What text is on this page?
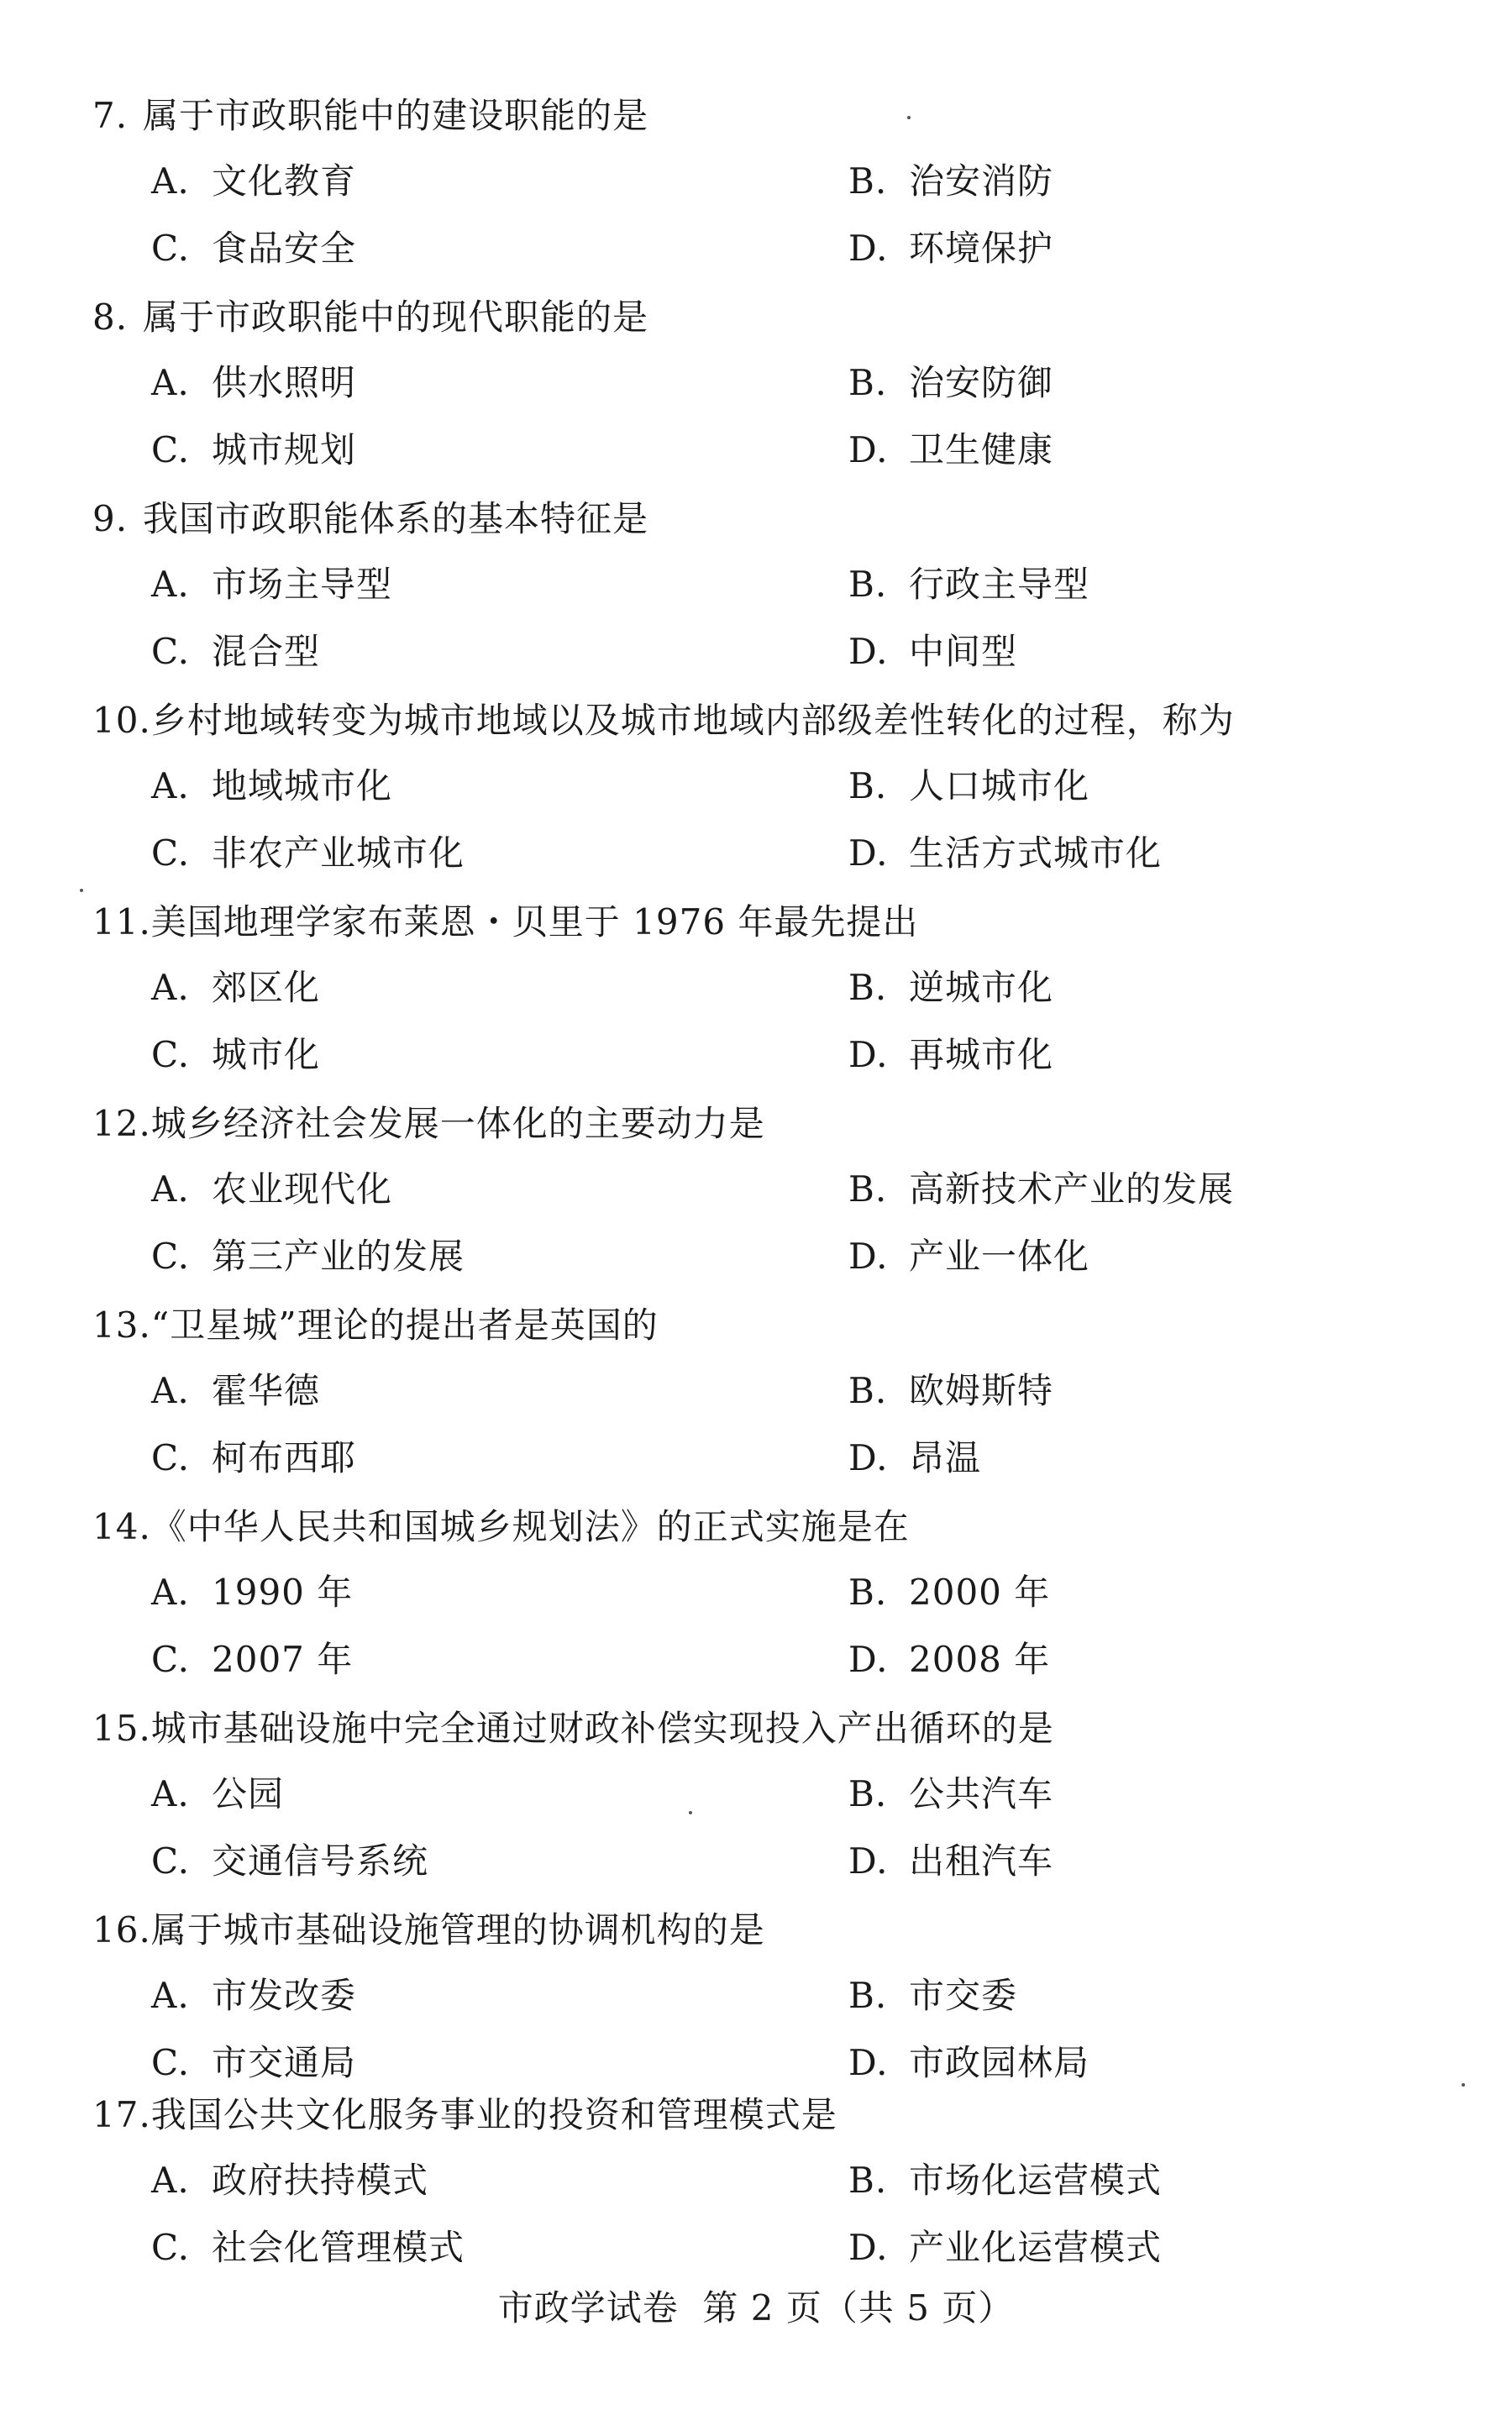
7. 属于市政职能中的建设职能的是
A. 文化教育	B. 治安消防
C. 食品安全	D. 环境保护
8. 属于市政职能中的现代职能的是
A. 供水照明	B. 治安防御
C. 城市规划	D. 卫生健康
9. 我国市政职能体系的基本特征是
A. 市场主导型	B. 行政主导型
C. 混合型	D. 中间型
10. 乡村地域转变为城市地域以及城市地域内部级差性转化的过程，称为
A. 地域城市化	B. 人口城市化
C. 非农产业城市化	D. 生活方式城市化
11. 美国地理学家布莱恩・贝里于 1976 年最先提出
A. 郊区化	B. 逆城市化
C. 城市化	D. 再城市化
12. 城乡经济社会发展一体化的主要动力是
A. 农业现代化	B. 高新技术产业的发展
C. 第三产业的发展	D. 产业一体化
13. “卫星城”理论的提出者是英国的
A. 霍华德	B. 欧姆斯特
C. 柯布西耶	D. 昂温
14. 《中华人民共和国城乡规划法》的正式实施是在
A. 1990 年	B. 2000 年
C. 2007 年	D. 2008 年
15. 城市基础设施中完全通过财政补偿实现投入产出循环的是
A. 公园	B. 公共汽车
C. 交通信号系统	D. 出租汽车
16. 属于城市基础设施管理的协调机构的是
A. 市发改委	B. 市交委
C. 市交通局	D. 市政园林局
17. 我国公共文化服务事业的投资和管理模式是
A. 政府扶持模式	B. 市场化运营模式
C. 社会化管理模式	D. 产业化运营模式
市政学试卷  第 2 页（共 5 页）
